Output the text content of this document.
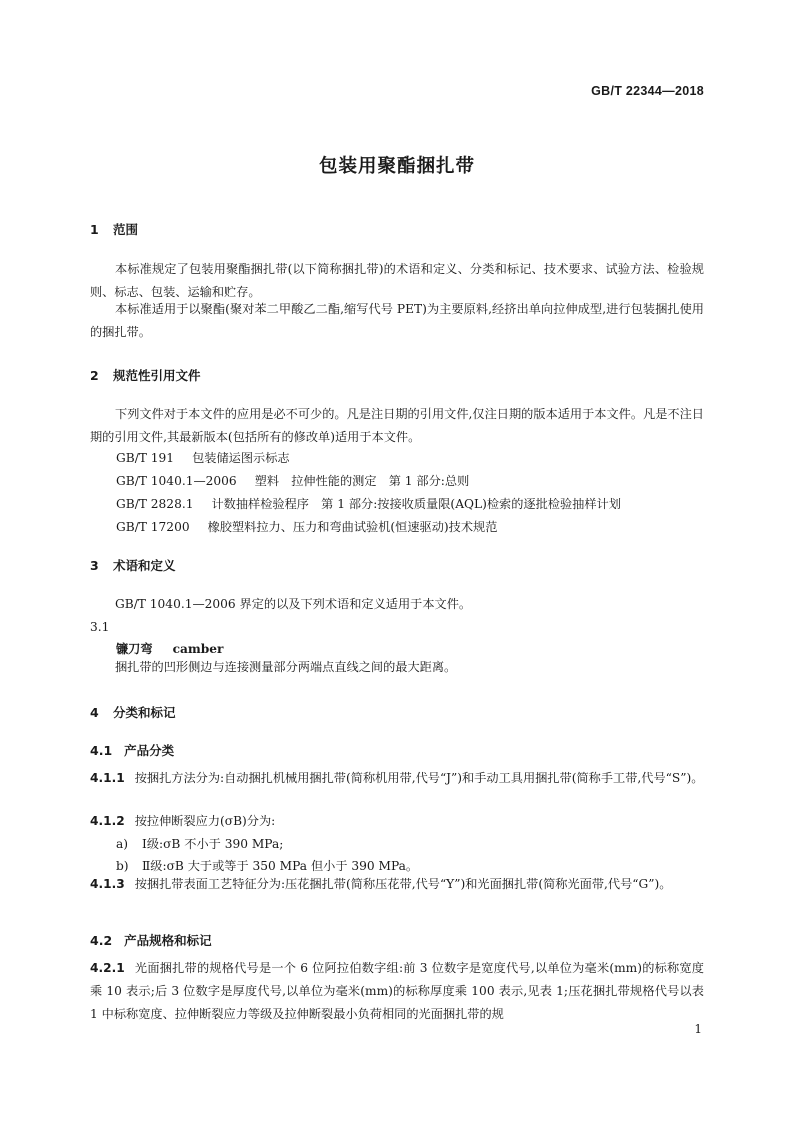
GB/T 22344—2018
包装用聚酯捆扎带
1 范围
本标准规定了包装用聚酯捆扎带(以下简称捆扎带)的术语和定义、分类和标记、技术要求、试验方法、检验规则、标志、包装、运输和贮存。
本标准适用于以聚酯(聚对苯二甲酸乙二酯,缩写代号 PET)为主要原料,经挤出单向拉伸成型,进行包装捆扎使用的捆扎带。
2 规范性引用文件
下列文件对于本文件的应用是必不可少的。凡是注日期的引用文件,仅注日期的版本适用于本文件。凡是不注日期的引用文件,其最新版本(包括所有的修改单)适用于本文件。
GB/T 191 包装储运图示标志
GB/T 1040.1—2006 塑料　拉伸性能的测定　第 1 部分:总则
GB/T 2828.1 计数抽样检验程序　第 1 部分:按接收质量限(AQL)检索的逐批检验抽样计划
GB/T 17200 橡胶塑料拉力、压力和弯曲试验机(恒速驱动)技术规范
3 术语和定义
GB/T 1040.1—2006 界定的以及下列术语和定义适用于本文件。
3.1
镰刀弯 camber
捆扎带的凹形侧边与连接测量部分两端点直线之间的最大距离。
4 分类和标记
4.1 产品分类
4.1.1 按捆扎方法分为:自动捆扎机械用捆扎带(简称机用带,代号“J”)和手动工具用捆扎带(简称手工带,代号“S”)。
4.1.2 按拉伸断裂应力(σB)分为:
a) Ⅰ级:σB 不小于 390 MPa;
b) Ⅱ级:σB 大于或等于 350 MPa 但小于 390 MPa。
4.1.3 按捆扎带表面工艺特征分为:压花捆扎带(简称压花带,代号“Y”)和光面捆扎带(简称光面带,代号“G”)。
4.2 产品规格和标记
4.2.1 光面捆扎带的规格代号是一个 6 位阿拉伯数字组:前 3 位数字是宽度代号,以单位为毫米(mm)的标称宽度乘 10 表示;后 3 位数字是厚度代号,以单位为毫米(mm)的标称厚度乘 100 表示,见表 1;压花捆扎带规格代号以表 1 中标称宽度、拉伸断裂应力等级及拉伸断裂最小负荷相同的光面捆扎带的规
1
